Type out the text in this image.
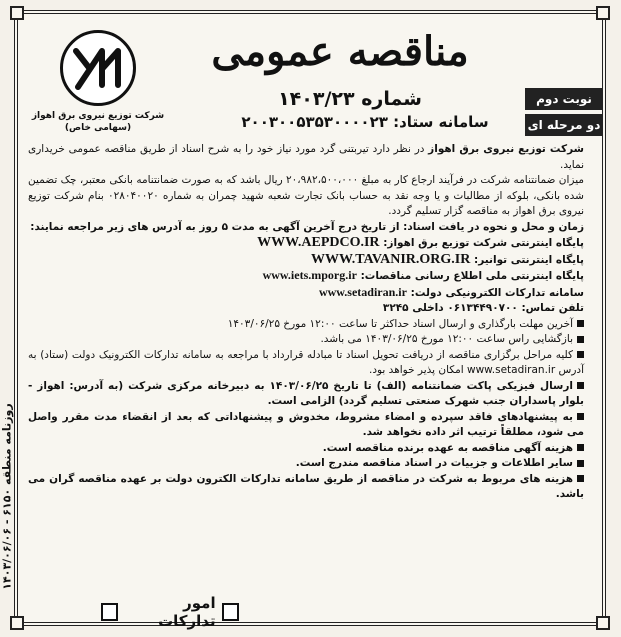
شرکت توزیع نیروی برق اهواز
(سهامی خاص)
مناقصه عمومی
نوبت دوم
دو مرحله ای
شماره ۱۴۰۳/۲۳
سامانه ستاد: ۲۰۰۳۰۰۵۳۵۳۰۰۰۰۲۳

شرکت توزیع نیروی برق اهواز در نظر دارد تیربتنی گرد مورد نیاز خود را به شرح اسناد از طریق مناقصه عمومی خریداری نماید.

میزان ضمانتنامه شرکت در فرآیند ارجاع کار به مبلغ ۲۰،۹۸۲،۵۰۰،۰۰۰ ریال باشد که به صورت ضمانتنامه بانکی معتبر، چک تضمین شده بانکی، بلوکه از مطالبات و یا وجه نقد به حساب بانک تجارت شعبه شهید چمران به شماره ۰۲۸۰۴۰۰۲۰ بنام شرکت توزیع نیروی برق اهواز به مناقصه گزار تسلیم گردد.

زمان و محل و نحوه در یافت اسناد: از تاریخ درج آخرین آگهی به مدت ۵ روز به آدرس های زیر مراجعه نمایند:

پایگاه اینترنتی شرکت توزیع برق اهواز: WWW.AEPDCO.IR

پایگاه اینترنتی توانیر: WWW.TAVANIR.ORG.IR

پایگاه اینترنتی ملی اطلاع رسانی مناقصات: www.iets.mporg.ir

سامانه تدارکات الکترونیکی دولت: www.setadiran.ir

تلفن تماس: ۰۶۱۳۴۴۹۰۷۰۰ داخلی ۳۲۴۵

آخرین مهلت بارگذاری و ارسال اسناد حداکثر تا ساعت ۱۲:۰۰ مورخ ۱۴۰۳/۰۶/۲۵

بازگشایی راس ساعت ۱۲:۰۰ مورخ ۱۴۰۳/۰۶/۲۵ می باشد.

کلیه مراحل برگزاری مناقصه از دریافت تحویل اسناد تا مبادله قرارداد با مراجعه به سامانه تدارکات الکترونیک دولت (ستاد) به آدرس www.setadiran.ir امکان پذیر خواهد بود.

ارسال فیزیکی پاکت ضمانتنامه (الف) تا تاریخ ۱۴۰۳/۰۶/۲۵ به دبیرخانه مرکزی شرکت (به آدرس: اهواز - بلوار پاسداران جنب شهرک صنعتی تسلیم گردد) الزامی است.

به پیشنهادهای فاقد سپرده و امضاء مشروط، مخدوش و پیشنهاداتی که بعد از انقضاء مدت مقرر واصل می شود، مطلقاً ترتیب اثر داده نخواهد شد.

هزینه آگهی مناقصه به عهده برنده مناقصه است.

سایر اطلاعات و جزییات در اسناد مناقصه مندرج است.

هزینه های مربوط به شرکت در مناقصه از طریق سامانه تدارکات الکترون دولت بر عهده مناقصه گران می باشد.

روزنامه منطقه ۶۱۵۰ - ۱۴۰۳/۰۶/۰۶
امور تدارکات
